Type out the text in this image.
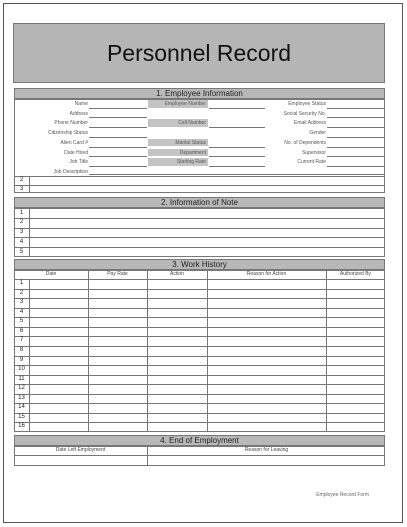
Personnel Record
1. Employee Information
2. Information of Note
3. Work History
4. End of Employment
Date Left Employment	Reason for Leaving
Employee Record Form
Name
Address
Phone Number
Citizenship Status
Alien Card #
Date Hired
Job Title
Job Description
Employee Number
Cell Number
Marital Status
Department
Starting Rate
Employee Status
Social Security No.
Email Address
Gender
No. of Dependents
Supervisor
Current Rate
2
3
1
2
3
4
5
Date	Pay Rate	Action	Reason for Action	Authorized By
1
2
3
4
5
6
7
8
9
10
11
12
13
14
15
16
